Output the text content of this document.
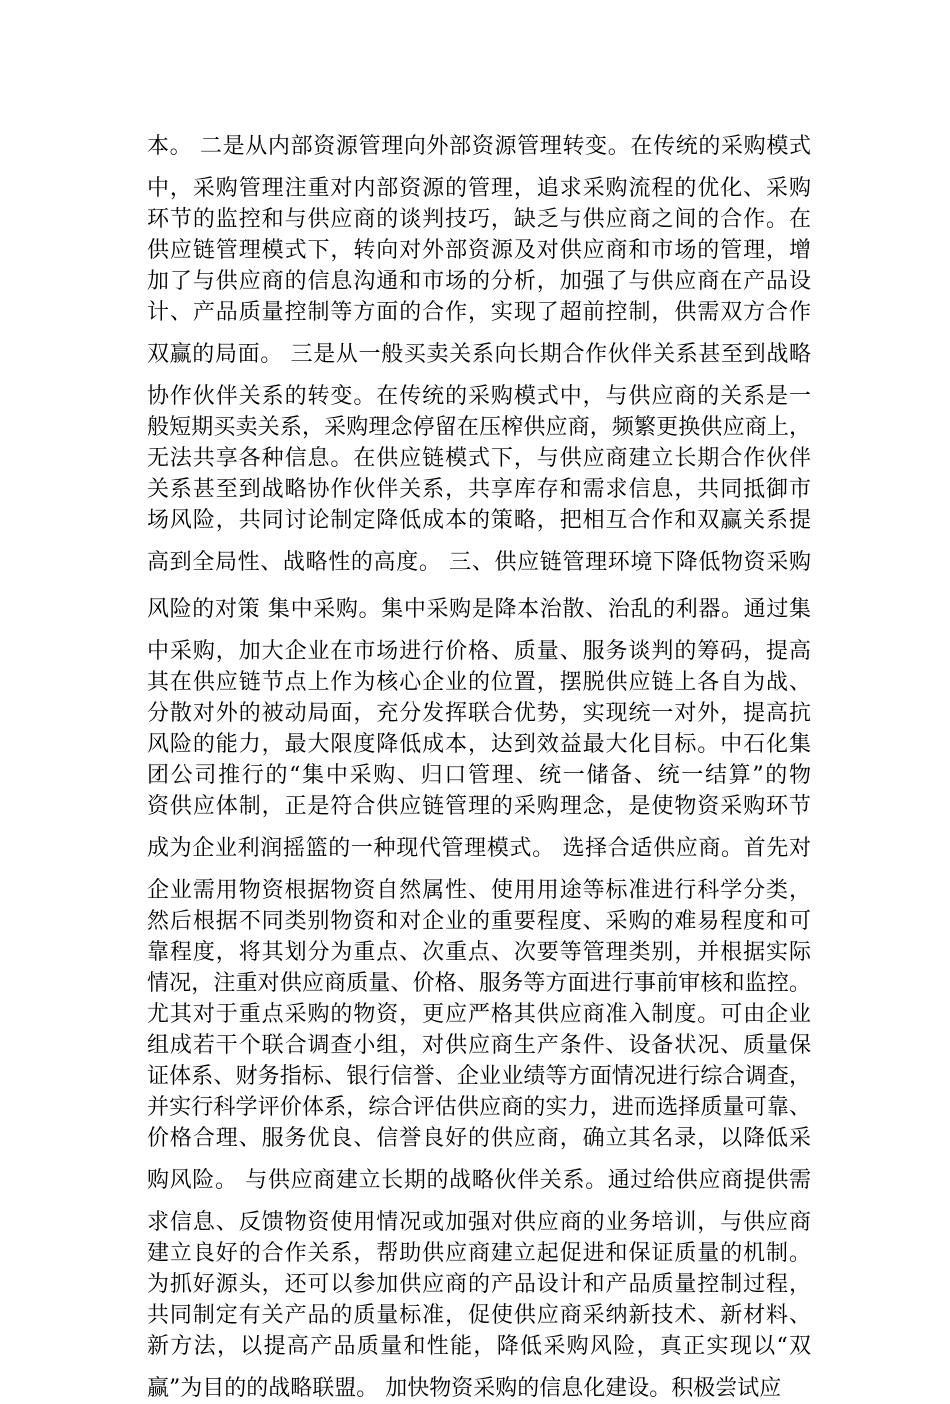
本。 二是从内部资源管理向外部资源管理转变。在传统的采购模式
中，采购管理注重对内部资源的管理，追求采购流程的优化、采购
环节的监控和与供应商的谈判技巧，缺乏与供应商之间的合作。在
供应链管理模式下，转向对外部资源及对供应商和市场的管理，增
加了与供应商的信息沟通和市场的分析，加强了与供应商在产品设
计、产品质量控制等方面的合作，实现了超前控制，供需双方合作
双赢的局面。 三是从一般买卖关系向长期合作伙伴关系甚至到战略
协作伙伴关系的转变。在传统的采购模式中，与供应商的关系是一
般短期买卖关系，采购理念停留在压榨供应商，频繁更换供应商上，
无法共享各种信息。在供应链模式下，与供应商建立长期合作伙伴
关系甚至到战略协作伙伴关系，共享库存和需求信息，共同抵御市
场风险，共同讨论制定降低成本的策略，把相互合作和双赢关系提
高到全局性、战略性的高度。 三、供应链管理环境下降低物资采购
风险的对策 集中采购。集中采购是降本治散、治乱的利器。通过集
中采购，加大企业在市场进行价格、质量、服务谈判的筹码，提高
其在供应链节点上作为核心企业的位置，摆脱供应链上各自为战、
分散对外的被动局面，充分发挥联合优势，实现统一对外，提高抗
风险的能力，最大限度降低成本，达到效益最大化目标。中石化集
团公司推行的“集中采购、归口管理、统一储备、统一结算”的物
资供应体制，正是符合供应链管理的采购理念，是使物资采购环节
成为企业利润摇篮的一种现代管理模式。 选择合适供应商。首先对
企业需用物资根据物资自然属性、使用用途等标准进行科学分类，
然后根据不同类别物资和对企业的重要程度、采购的难易程度和可
靠程度，将其划分为重点、次重点、次要等管理类别，并根据实际
情况，注重对供应商质量、价格、服务等方面进行事前审核和监控。
尤其对于重点采购的物资，更应严格其供应商准入制度。可由企业
组成若干个联合调查小组，对供应商生产条件、设备状况、质量保
证体系、财务指标、银行信誉、企业业绩等方面情况进行综合调查，
并实行科学评价体系，综合评估供应商的实力，进而选择质量可靠、
价格合理、服务优良、信誉良好的供应商，确立其名录，以降低采
购风险。 与供应商建立长期的战略伙伴关系。通过给供应商提供需
求信息、反馈物资使用情况或加强对供应商的业务培训，与供应商
建立良好的合作关系，帮助供应商建立起促进和保证质量的机制。
为抓好源头，还可以参加供应商的产品设计和产品质量控制过程，
共同制定有关产品的质量标准，促使供应商采纳新技术、新材料、
新方法，以提高产品质量和性能，降低采购风险，真正实现以“双
赢”为目的的战略联盟。 加快物资采购的信息化建设。积极尝试应
